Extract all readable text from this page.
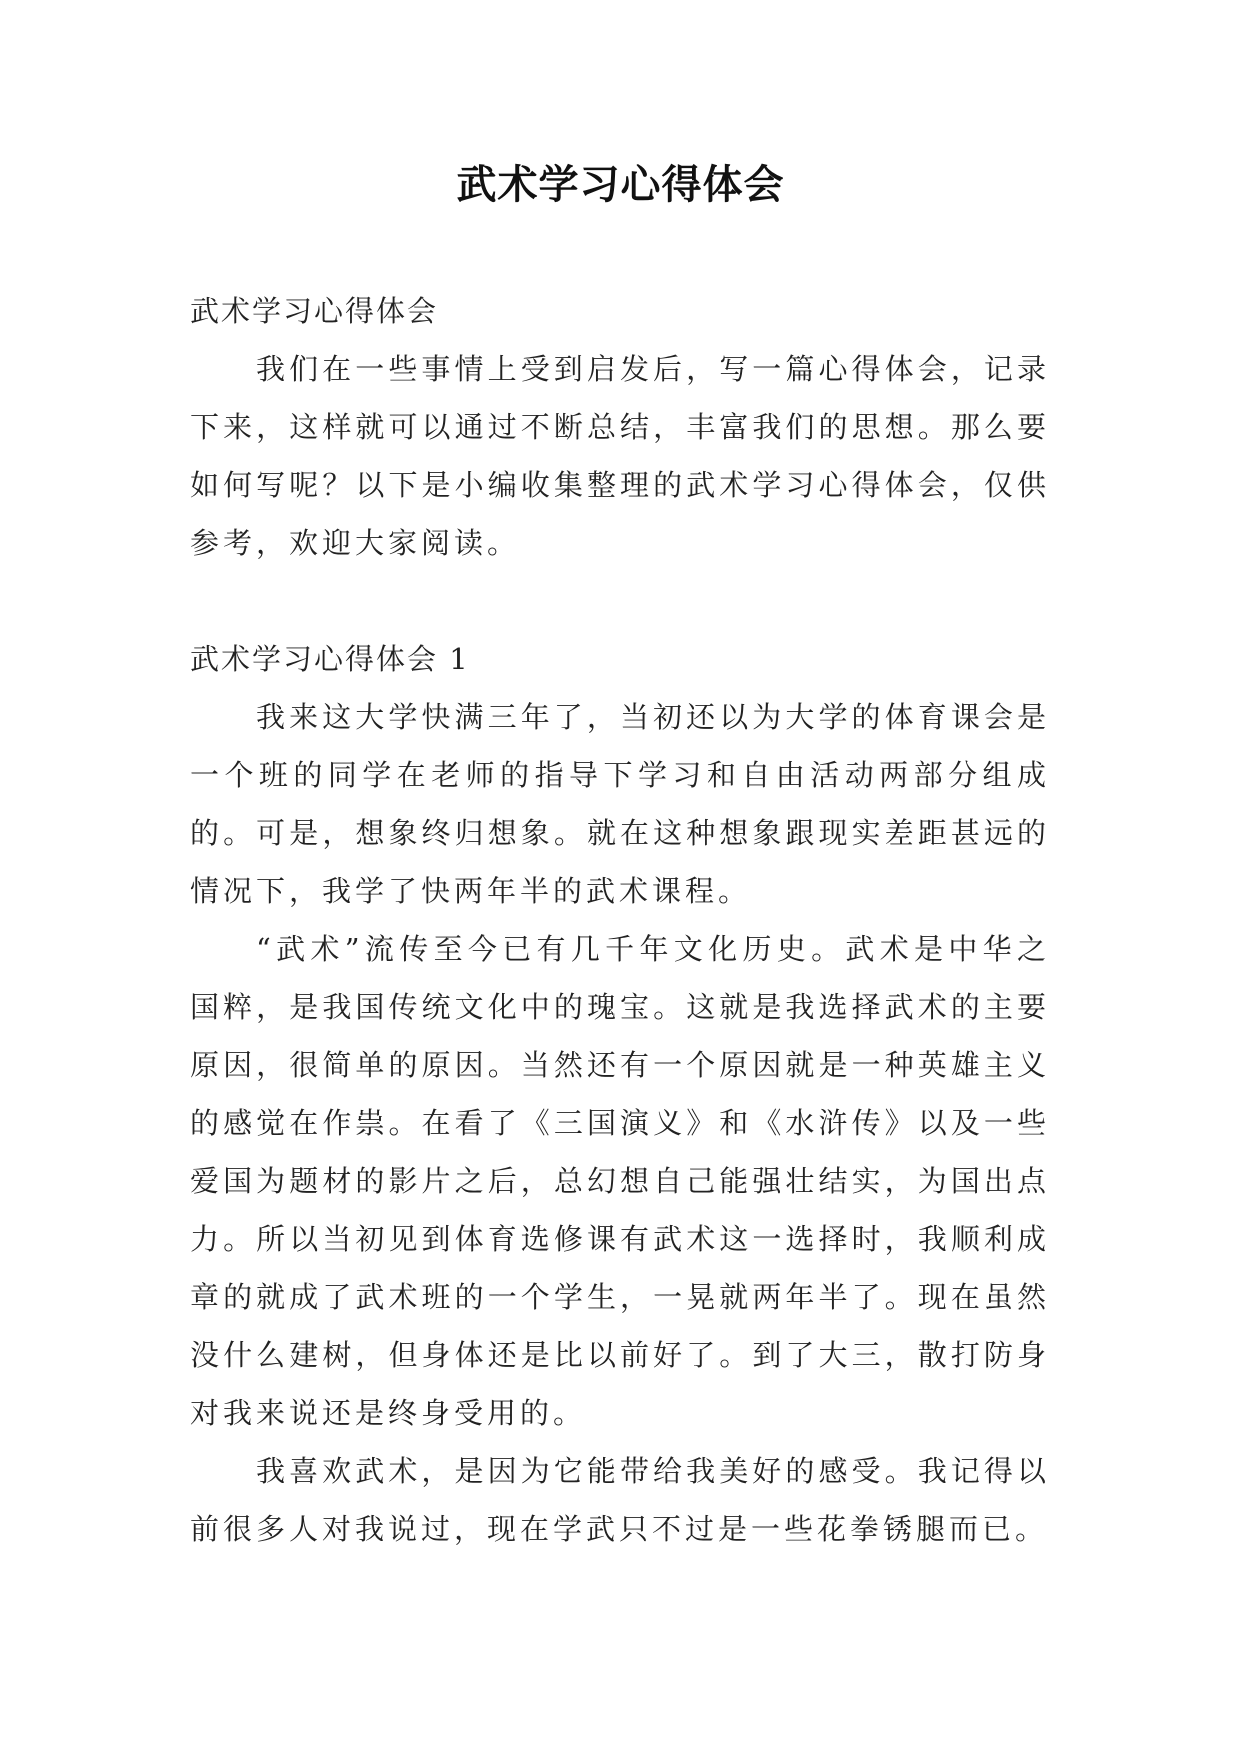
武术学习心得体会

武术学习心得体会

我们在一些事情上受到启发后，写一篇心得体会，记录下来，这样就可以通过不断总结，丰富我们的思想。那么要如何写呢？以下是小编收集整理的武术学习心得体会，仅供参考，欢迎大家阅读。

武术学习心得体会 1

我来这大学快满三年了，当初还以为大学的体育课会是一个班的同学在老师的指导下学习和自由活动两部分组成的。可是，想象终归想象。就在这种想象跟现实差距甚远的情况下，我学了快两年半的武术课程。

“武术”流传至今已有几千年文化历史。武术是中华之国粹，是我国传统文化中的瑰宝。这就是我选择武术的主要原因，很简单的原因。当然还有一个原因就是一种英雄主义的感觉在作祟。在看了《三国演义》和《水浒传》以及一些爱国为题材的影片之后，总幻想自己能强壮结实，为国出点力。所以当初见到体育选修课有武术这一选择时，我顺利成章的就成了武术班的一个学生，一晃就两年半了。现在虽然没什么建树，但身体还是比以前好了。到了大三，散打防身对我来说还是终身受用的。

我喜欢武术，是因为它能带给我美好的感受。我记得以前很多人对我说过，现在学武只不过是一些花拳锈腿而已。
